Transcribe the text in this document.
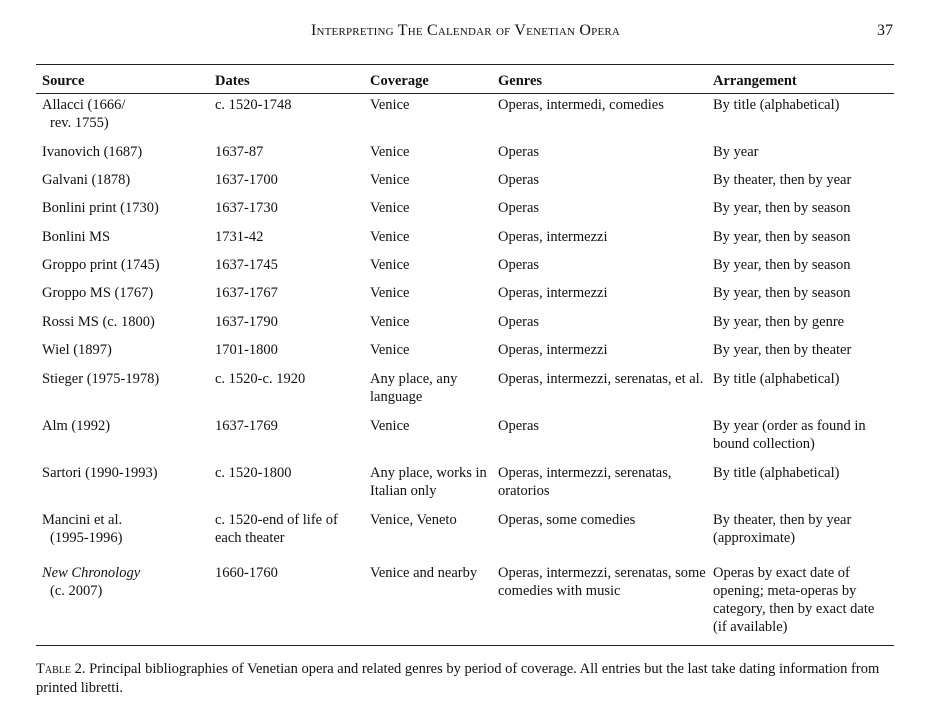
Interpreting The Calendar of Venetian Opera	37
Source	Dates	Coverage	Genres	Arrangement
Allacci (1666/
rev. 1755)	c. 1520-1748	Venice	Operas, intermedi, comedies	By title (alphabetical)
Ivanovich (1687)	1637-87	Venice	Operas	By year
Galvani (1878)	1637-1700	Venice	Operas	By theater, then by year
Bonlini print (1730)	1637-1730	Venice	Operas	By year, then by season
Bonlini MS	1731-42	Venice	Operas, intermezzi	By year, then by season
Groppo print (1745)	1637-1745	Venice	Operas	By year, then by season
Groppo MS (1767)	1637-1767	Venice	Operas, intermezzi	By year, then by season
Rossi MS (c. 1800)	1637-1790	Venice	Operas	By year, then by genre
Wiel (1897)	1701-1800	Venice	Operas, intermezzi	By year, then by theater
Stieger (1975-1978)	c. 1520-c. 1920	Any place, any language	Operas, intermezzi, serenatas, et al.	By title (alphabetical)
Alm (1992)	1637-1769	Venice	Operas	By year (order as found in bound collection)
Sartori (1990-1993)	c. 1520-1800	Any place, works in Italian only	Operas, intermezzi, serenatas, oratorios	By title (alphabetical)
Mancini et al.
(1995-1996)	c. 1520-end of life of each theater	Venice, Veneto	Operas, some comedies	By theater, then by year (approximate)
New Chronology
(c. 2007)	1660-1760	Venice and nearby	Operas, intermezzi, serenatas, some comedies with music	Operas by exact date of opening; meta-operas by category, then by exact date (if available)
Table 2. Principal bibliographies of Venetian opera and related genres by period of coverage. All entries but the last take dating information from printed libretti.
